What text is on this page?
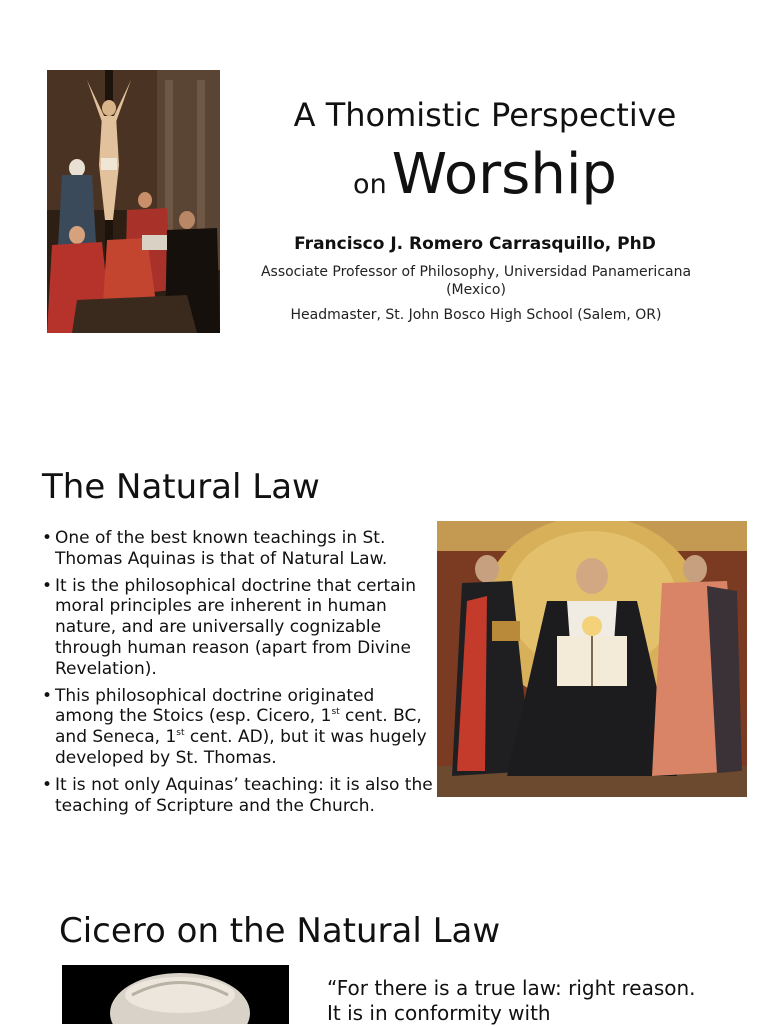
A Thomistic Perspective
on Worship
Francisco J. Romero Carrasquillo, PhD
Associate Professor of Philosophy, Universidad Panamericana (Mexico)
Headmaster, St. John Bosco High School (Salem, OR)
The Natural Law
• One of the best known teachings in St. Thomas Aquinas is that of Natural Law.
• It is the philosophical doctrine that certain moral principles are inherent in human nature, and are universally cognizable through human reason (apart from Divine Revelation).
• This philosophical doctrine originated among the Stoics (esp. Cicero, 1st cent. BC, and Seneca, 1st cent. AD), but it was hugely developed by St. Thomas.
• It is not only Aquinas’ teaching: it is also the teaching of Scripture and the Church.
Cicero on the Natural Law
“For there is a true law: right reason. It is in conformity with
